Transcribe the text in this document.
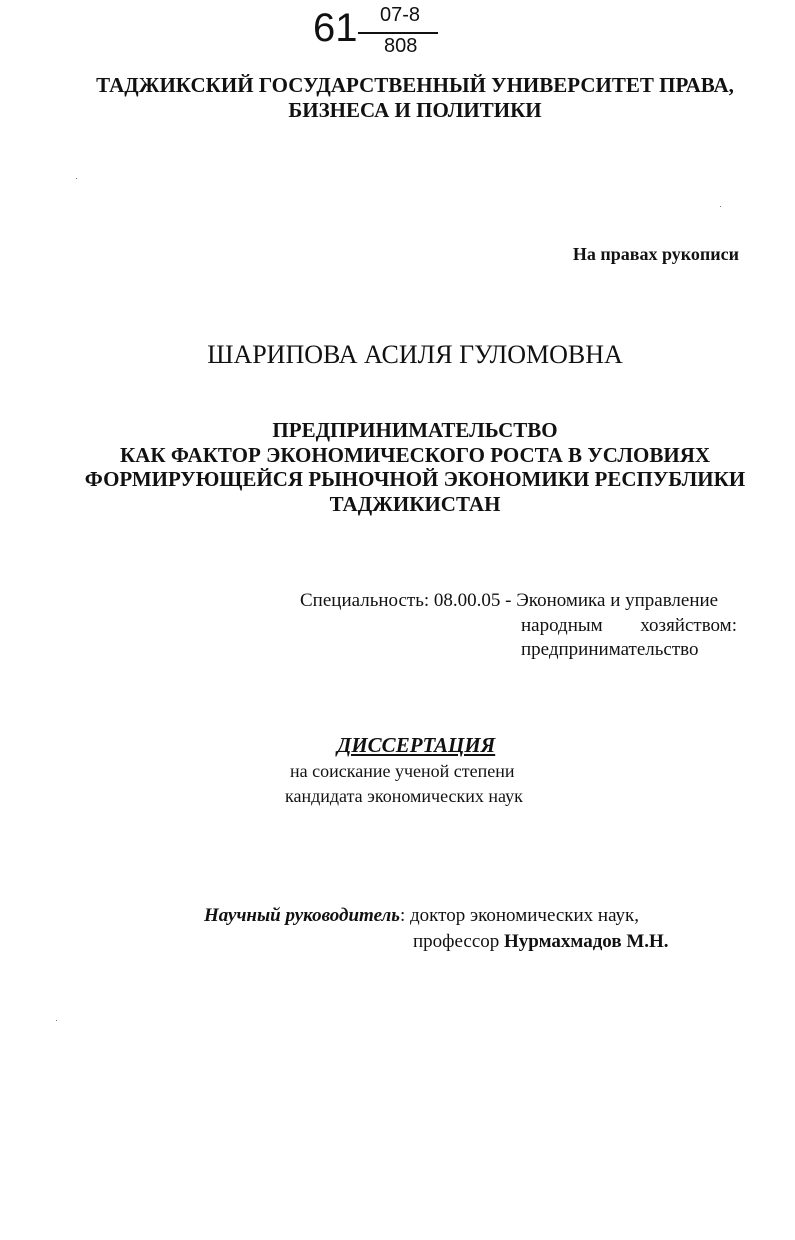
61 07-8
808
ТАДЖИКСКИЙ ГОСУДАРСТВЕННЫЙ УНИВЕРСИТЕТ ПРАВА,
БИЗНЕСА И ПОЛИТИКИ
На правах рукописи
ШАРИПОВА АСИЛЯ ГУЛОМОВНА
ПРЕДПРИНИМАТЕЛЬСТВО
КАК ФАКТОР ЭКОНОМИЧЕСКОГО РОСТА В УСЛОВИЯХ
ФОРМИРУЮЩЕЙСЯ РЫНОЧНОЙ ЭКОНОМИКИ РЕСПУБЛИКИ
ТАДЖИКИСТАН
Специальность: 08.00.05 - Экономика и управление
народным хозяйством:
предпринимательство
ДИССЕРТАЦИЯ
на соискание ученой степени
кандидата экономических наук
Научный руководитель: доктор экономических наук,
профессор Нурмахмадов М.Н.
